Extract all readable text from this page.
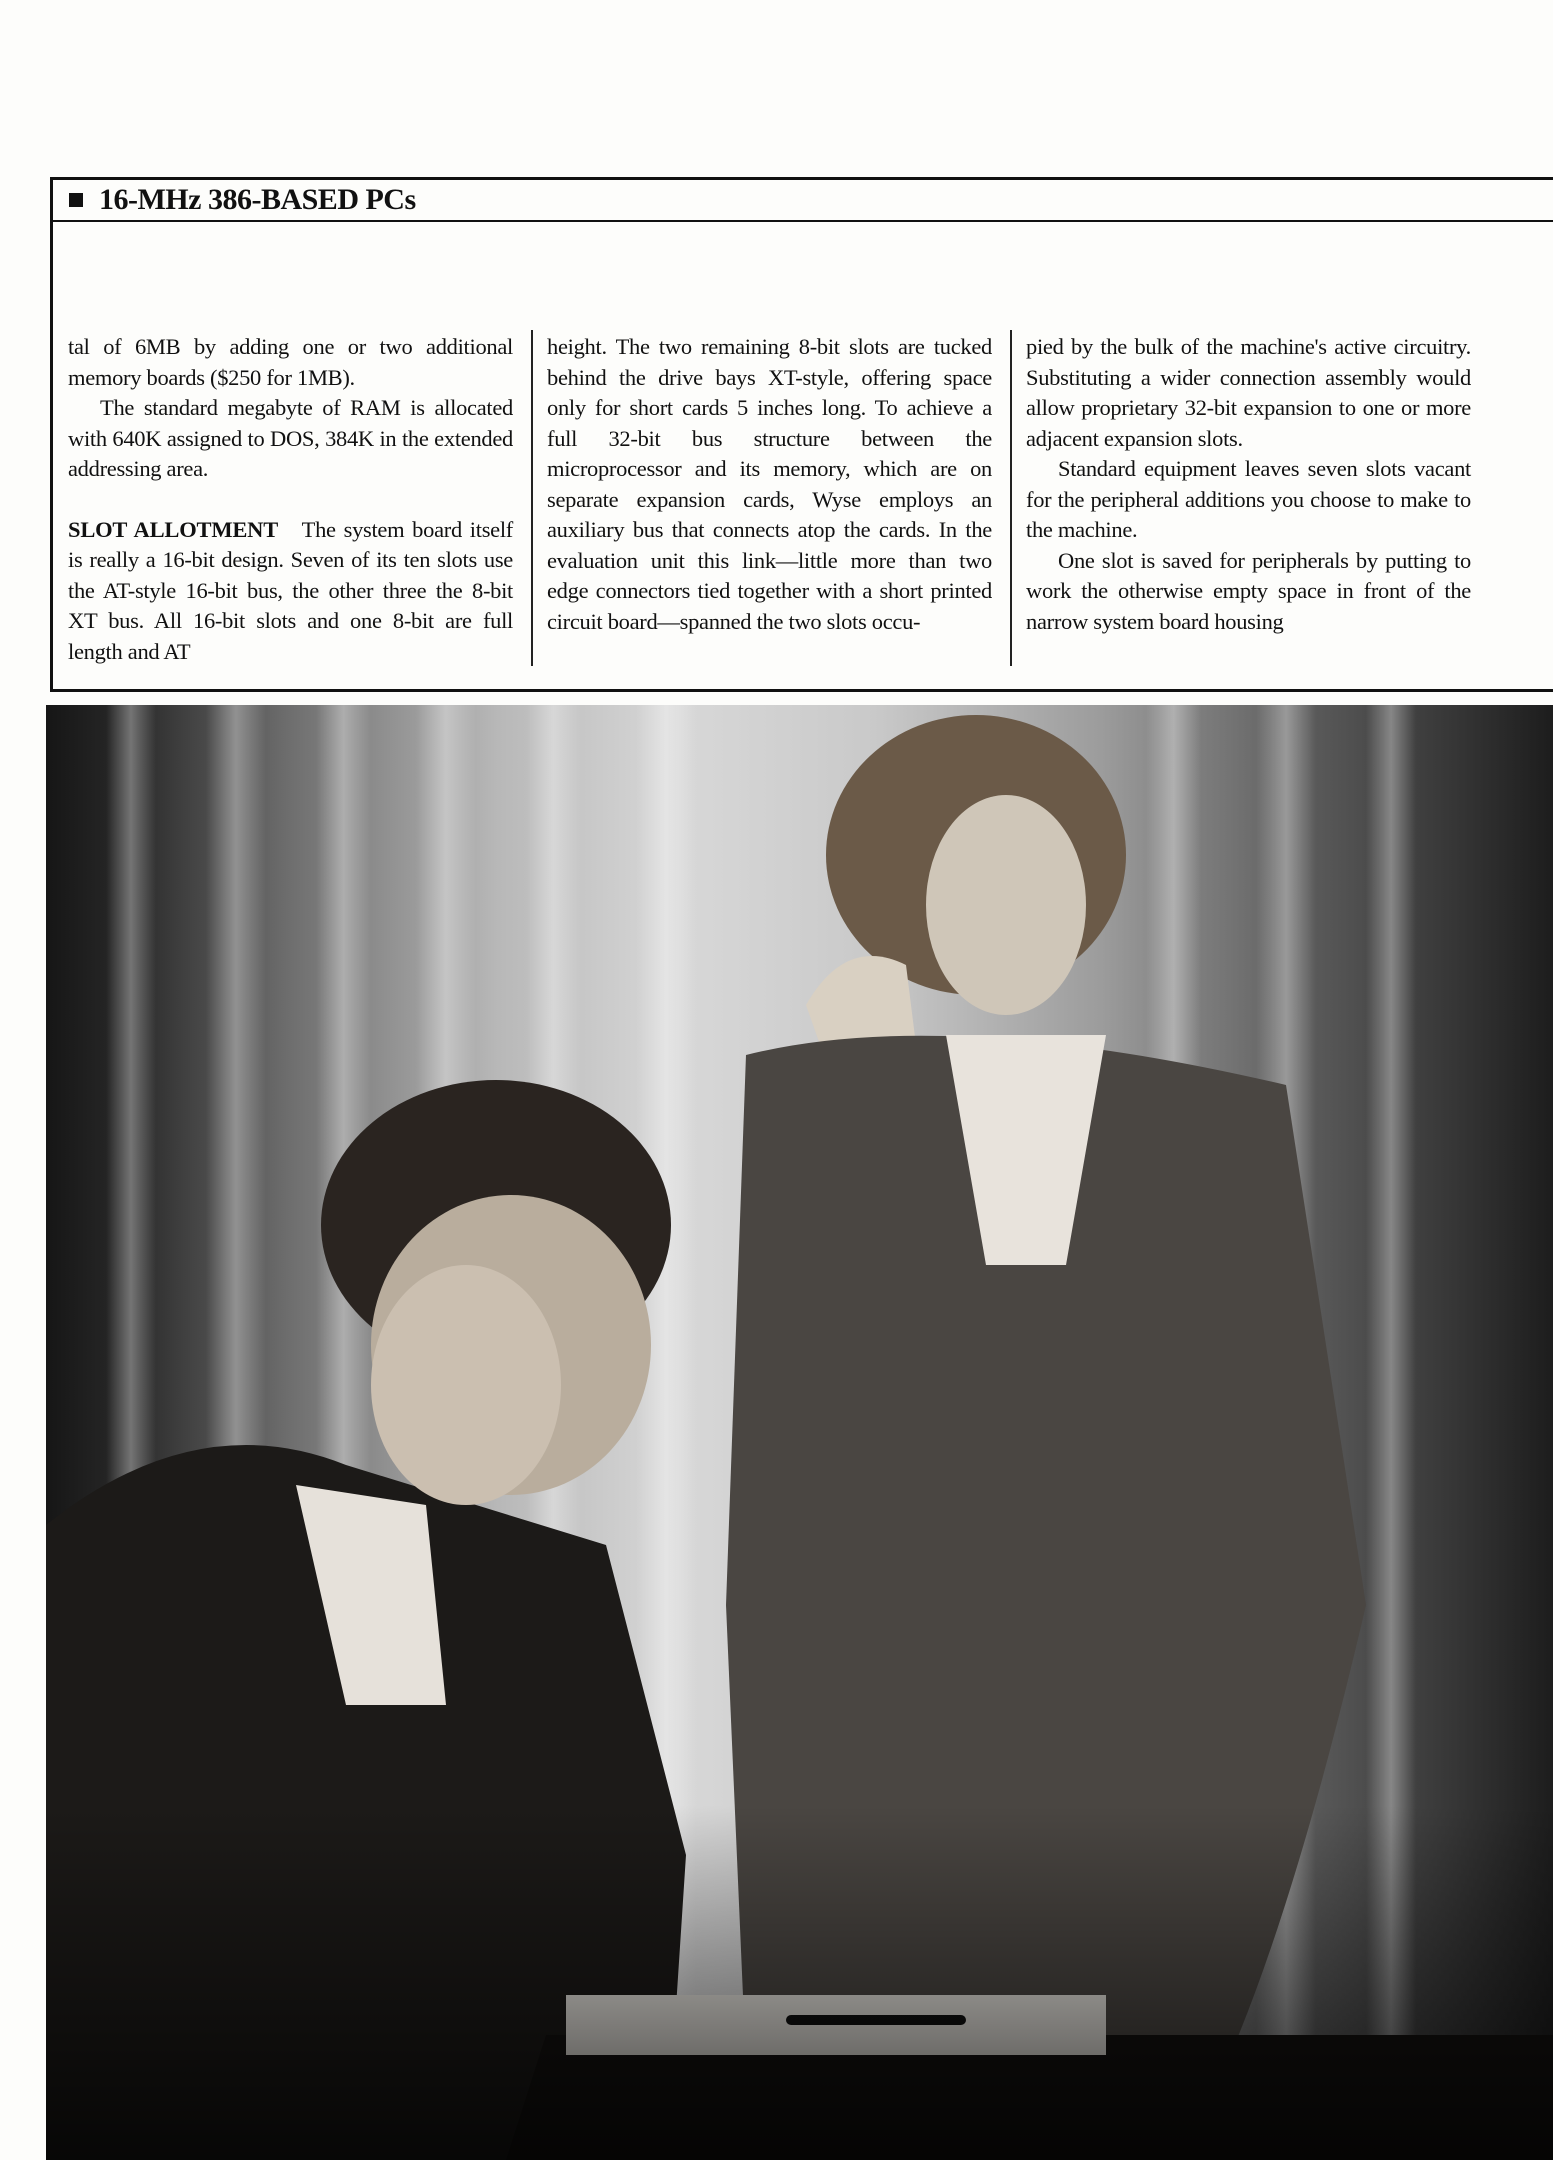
16-MHz 386-BASED PCs

tal of 6MB by adding one or two additional memory boards ($250 for 1MB).

The standard megabyte of RAM is allocated with 640K assigned to DOS, 384K in the extended addressing area.

SLOT ALLOTMENT The system board itself is really a 16-bit design. Seven of its ten slots use the AT-style 16-bit bus, the other three the 8-bit XT bus. All 16-bit slots and one 8-bit are full length and AT

height. The two remaining 8-bit slots are tucked behind the drive bays XT-style, offering space only for short cards 5 inches long. To achieve a full 32-bit bus structure between the microprocessor and its memory, which are on separate expansion cards, Wyse employs an auxiliary bus that connects atop the cards. In the evaluation unit this link—little more than two edge connectors tied together with a short printed circuit board—spanned the two slots occu-

pied by the bulk of the machine's active circuitry. Substituting a wider connection assembly would allow proprietary 32-bit expansion to one or more adjacent expansion slots.

Standard equipment leaves seven slots vacant for the peripheral additions you choose to make to the machine.

One slot is saved for peripherals by putting to work the otherwise empty space in front of the narrow system board housing
